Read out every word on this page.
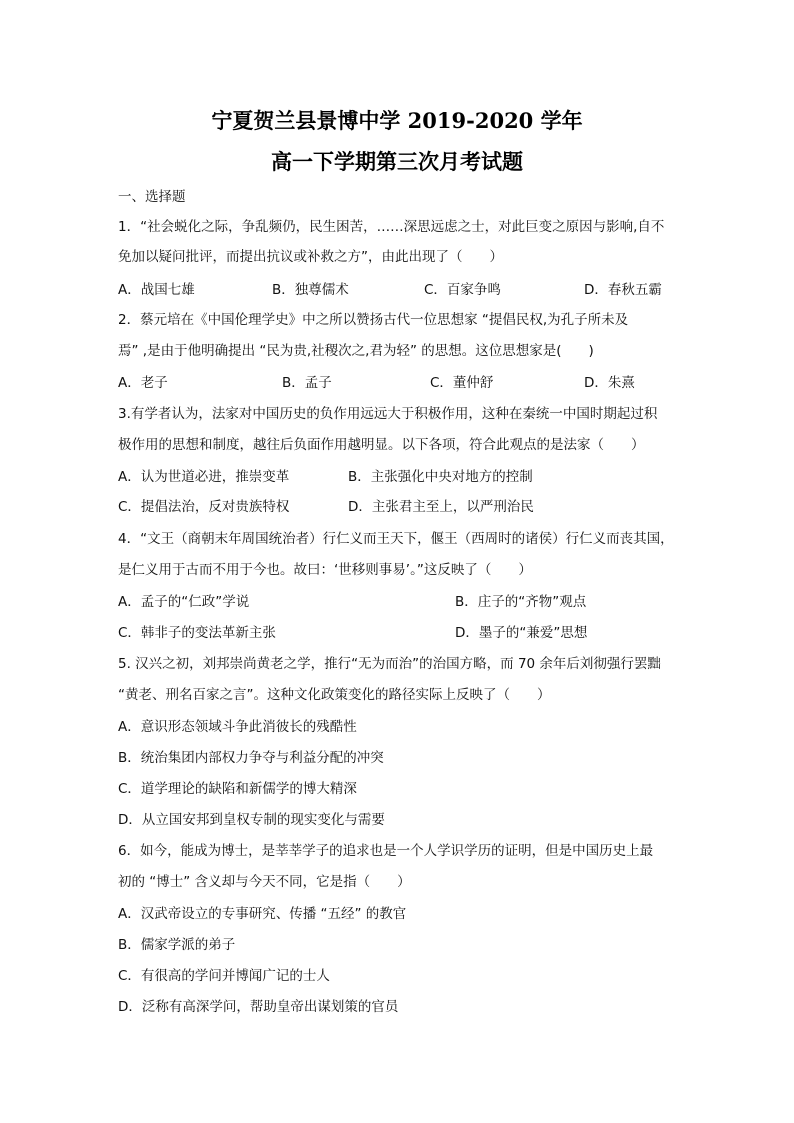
宁夏贺兰县景博中学 2019-2020 学年
高一下学期第三次月考试题
一、选择题
1．“社会蜕化之际，争乱频仍，民生困苦，……深思远虑之士，对此巨变之原因与影响,自不
免加以疑问批评，而提出抗议或补救之方”，由此出现了（　　）
A．战国七雄	B．独尊儒术	C．百家争鸣	D．春秋五霸
2．蔡元培在《中国伦理学史》中之所以赞扬古代一位思想家 “提倡民权,为孔子所未及
焉” ,是由于他明确提出 “民为贵,社稷次之,君为轻” 的思想。这位思想家是(　　)
A．老子	B．孟子	C．董仲舒	D．朱熹
3.有学者认为，法家对中国历史的负作用远远大于积极作用，这种在秦统一中国时期起过积
极作用的思想和制度，越往后负面作用越明显。以下各项，符合此观点的是法家（　　）
A．认为世道必进，推崇变革	B．主张强化中央对地方的控制
C．提倡法治，反对贵族特权	D．主张君主至上，以严刑治民
4．“文王（商朝末年周国统治者）行仁义而王天下，偃王（西周时的诸侯）行仁义而丧其国，
是仁义用于古而不用于今也。故曰：‘世移则事易’。”这反映了（　　）
A．孟子的“仁政”学说	B．庄子的“齐物”观点
C．韩非子的变法革新主张	D．墨子的“兼爱”思想
5. 汉兴之初，刘邦崇尚黄老之学，推行“无为而治”的治国方略，而 70 余年后刘彻强行罢黜
“黄老、刑名百家之言”。这种文化政策变化的路径实际上反映了（　　）
A．意识形态领域斗争此消彼长的残酷性
B．统治集团内部权力争夺与利益分配的冲突
C．道学理论的缺陷和新儒学的博大精深
D．从立国安邦到皇权专制的现实变化与需要
6．如今，能成为博士，是莘莘学子的追求也是一个人学识学历的证明，但是中国历史上最
初的 “博士” 含义却与今天不同，它是指（　　）
A．汉武帝设立的专事研究、传播 “五经” 的教官
B．儒家学派的弟子
C．有很高的学问并博闻广记的士人
D．泛称有高深学问，帮助皇帝出谋划策的官员
